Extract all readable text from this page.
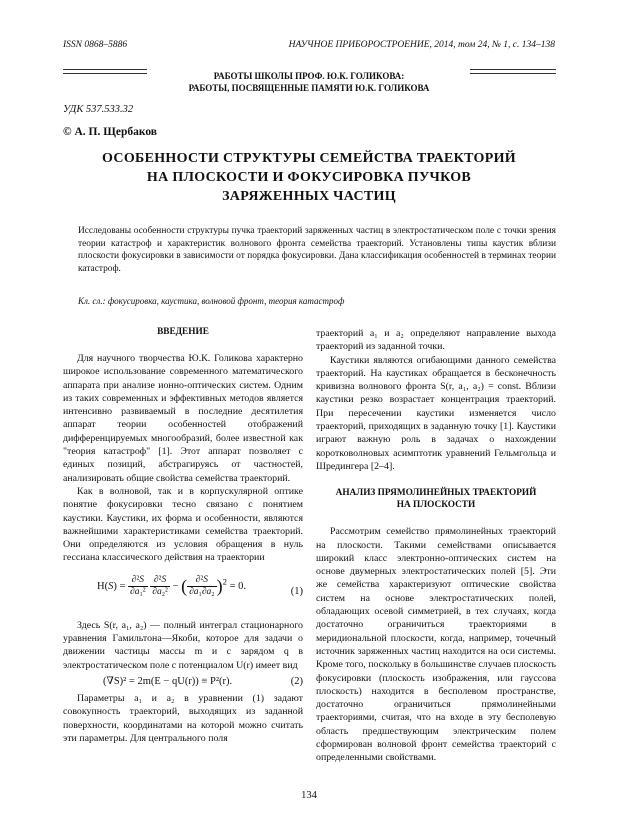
ISSN 0868–5886	НАУЧНОЕ ПРИБОРОСТРОЕНИЕ, 2014, том 24, № 1, c. 134–138
РАБОТЫ ШКОЛЫ ПРОФ. Ю.К. ГОЛИКОВА:
РАБОТЫ, ПОСВЯЩЕННЫЕ ПАМЯТИ Ю.К. ГОЛИКОВА
УДК 537.533.32
© А. П. Щербаков
ОСОБЕННОСТИ СТРУКТУРЫ СЕМЕЙСТВА ТРАЕКТОРИЙ
НА ПЛОСКОСТИ И ФОКУСИРОВКА ПУЧКОВ
ЗАРЯЖЕННЫХ ЧАСТИЦ
Исследованы особенности структуры пучка траекторий заряженных частиц в электростатическом поле с точки зрения теории катастроф и характеристик волнового фронта семейства траекторий. Установлены типы каустик вблизи плоскости фокусировки в зависимости от порядка фокусировки. Дана классификация особенностей в терминах теории катастроф.
Кл. сл.: фокусировка, каустика, волновой фронт, теория катастроф
ВВЕДЕНИЕ

Для научного творчества Ю.К. Голикова характерно широкое использование современного математического аппарата при анализе ионно-оптических систем. Одним из таких современных и эффективных методов является интенсивно развиваемый в последние десятилетия аппарат теории особенностей отображений дифференцируемых многообразий, более известной как "теория катастроф" [1]. Этот аппарат позволяет с единых позиций, абстрагируясь от частностей, анализировать общие свойства семейства траекторий.

Как в волновой, так и в корпускулярной оптике понятие фокусировки тесно связано с понятием каустики. Каустики, их форма и особенности, являются важнейшими характеристиками семейства траекторий. Они определяются из условия обращения в нуль гессиана классического действия на траектории

$H(S) = \frac{\text{∂²S}}{\text{∂a₁²}}$
$\frac{\text{∂²S}}{\text{∂a₂²}}$ − ( $\frac{\text{∂²S}}{\text{∂a₁∂a₂}} )^2 = 0$.	(1)

Здесь S(r, a₁, a₂) — полный интеграл стационарного уравнения Гамильтона—Якоби, которое для задачи о движении частицы массы m и с зарядом q в электростатическом поле с потенциалом U(r) имеет вид

(∇S)² = 2m(E − qU(r)) ≡ P²(r).	(2)

Параметры a₁ и a₂ в уравнении (1) задают совокупность траекторий, выходящих из заданной поверхности, координатами на которой можно считать эти параметры. Для центрального поля

траекторий a₁ и a₂ определяют направление выхода траекторий из заданной точки.

Каустики являются огибающими данного семейства траекторий. На каустиках обращается в бесконечность кривизна волнового фронта S(r, a₁, a₂) = const. Вблизи каустики резко возрастает концентрация траекторий. При пересечении каустики изменяется число траекторий, приходящих в заданную точку [1]. Каустики играют важную роль в задачах о нахождении коротковолновых асимптотик уравнений Гельмгольца и Шредингера [2–4].

АНАЛИЗ ПРЯМОЛИНЕЙНЫХ ТРАЕКТОРИЙ
НА ПЛОСКОСТИ

Рассмотрим семейство прямолинейных траекторий на плоскости. Такими семействами описывается широкий класс электронно-оптических систем на основе двумерных электростатических полей [5]. Эти же семейства характеризуют оптические свойства систем на основе электростатических полей, обладающих осевой симметрией, в тех случаях, когда достаточно ограничиться траекториями в меридиональной плоскости, когда, например, точечный источник заряженных частиц находится на оси системы. Кроме того, поскольку в большинстве случаев плоскость фокусировки (плоскость изображения, или гауссова плоскость) находится в бесполевом пространстве, достаточно ограничиться прямолинейными траекториями, считая, что на входе в эту бесполевую область предшествующим электрическим полем сформирован волновой фронт семейства траекторий с определенными свойствами.

134
